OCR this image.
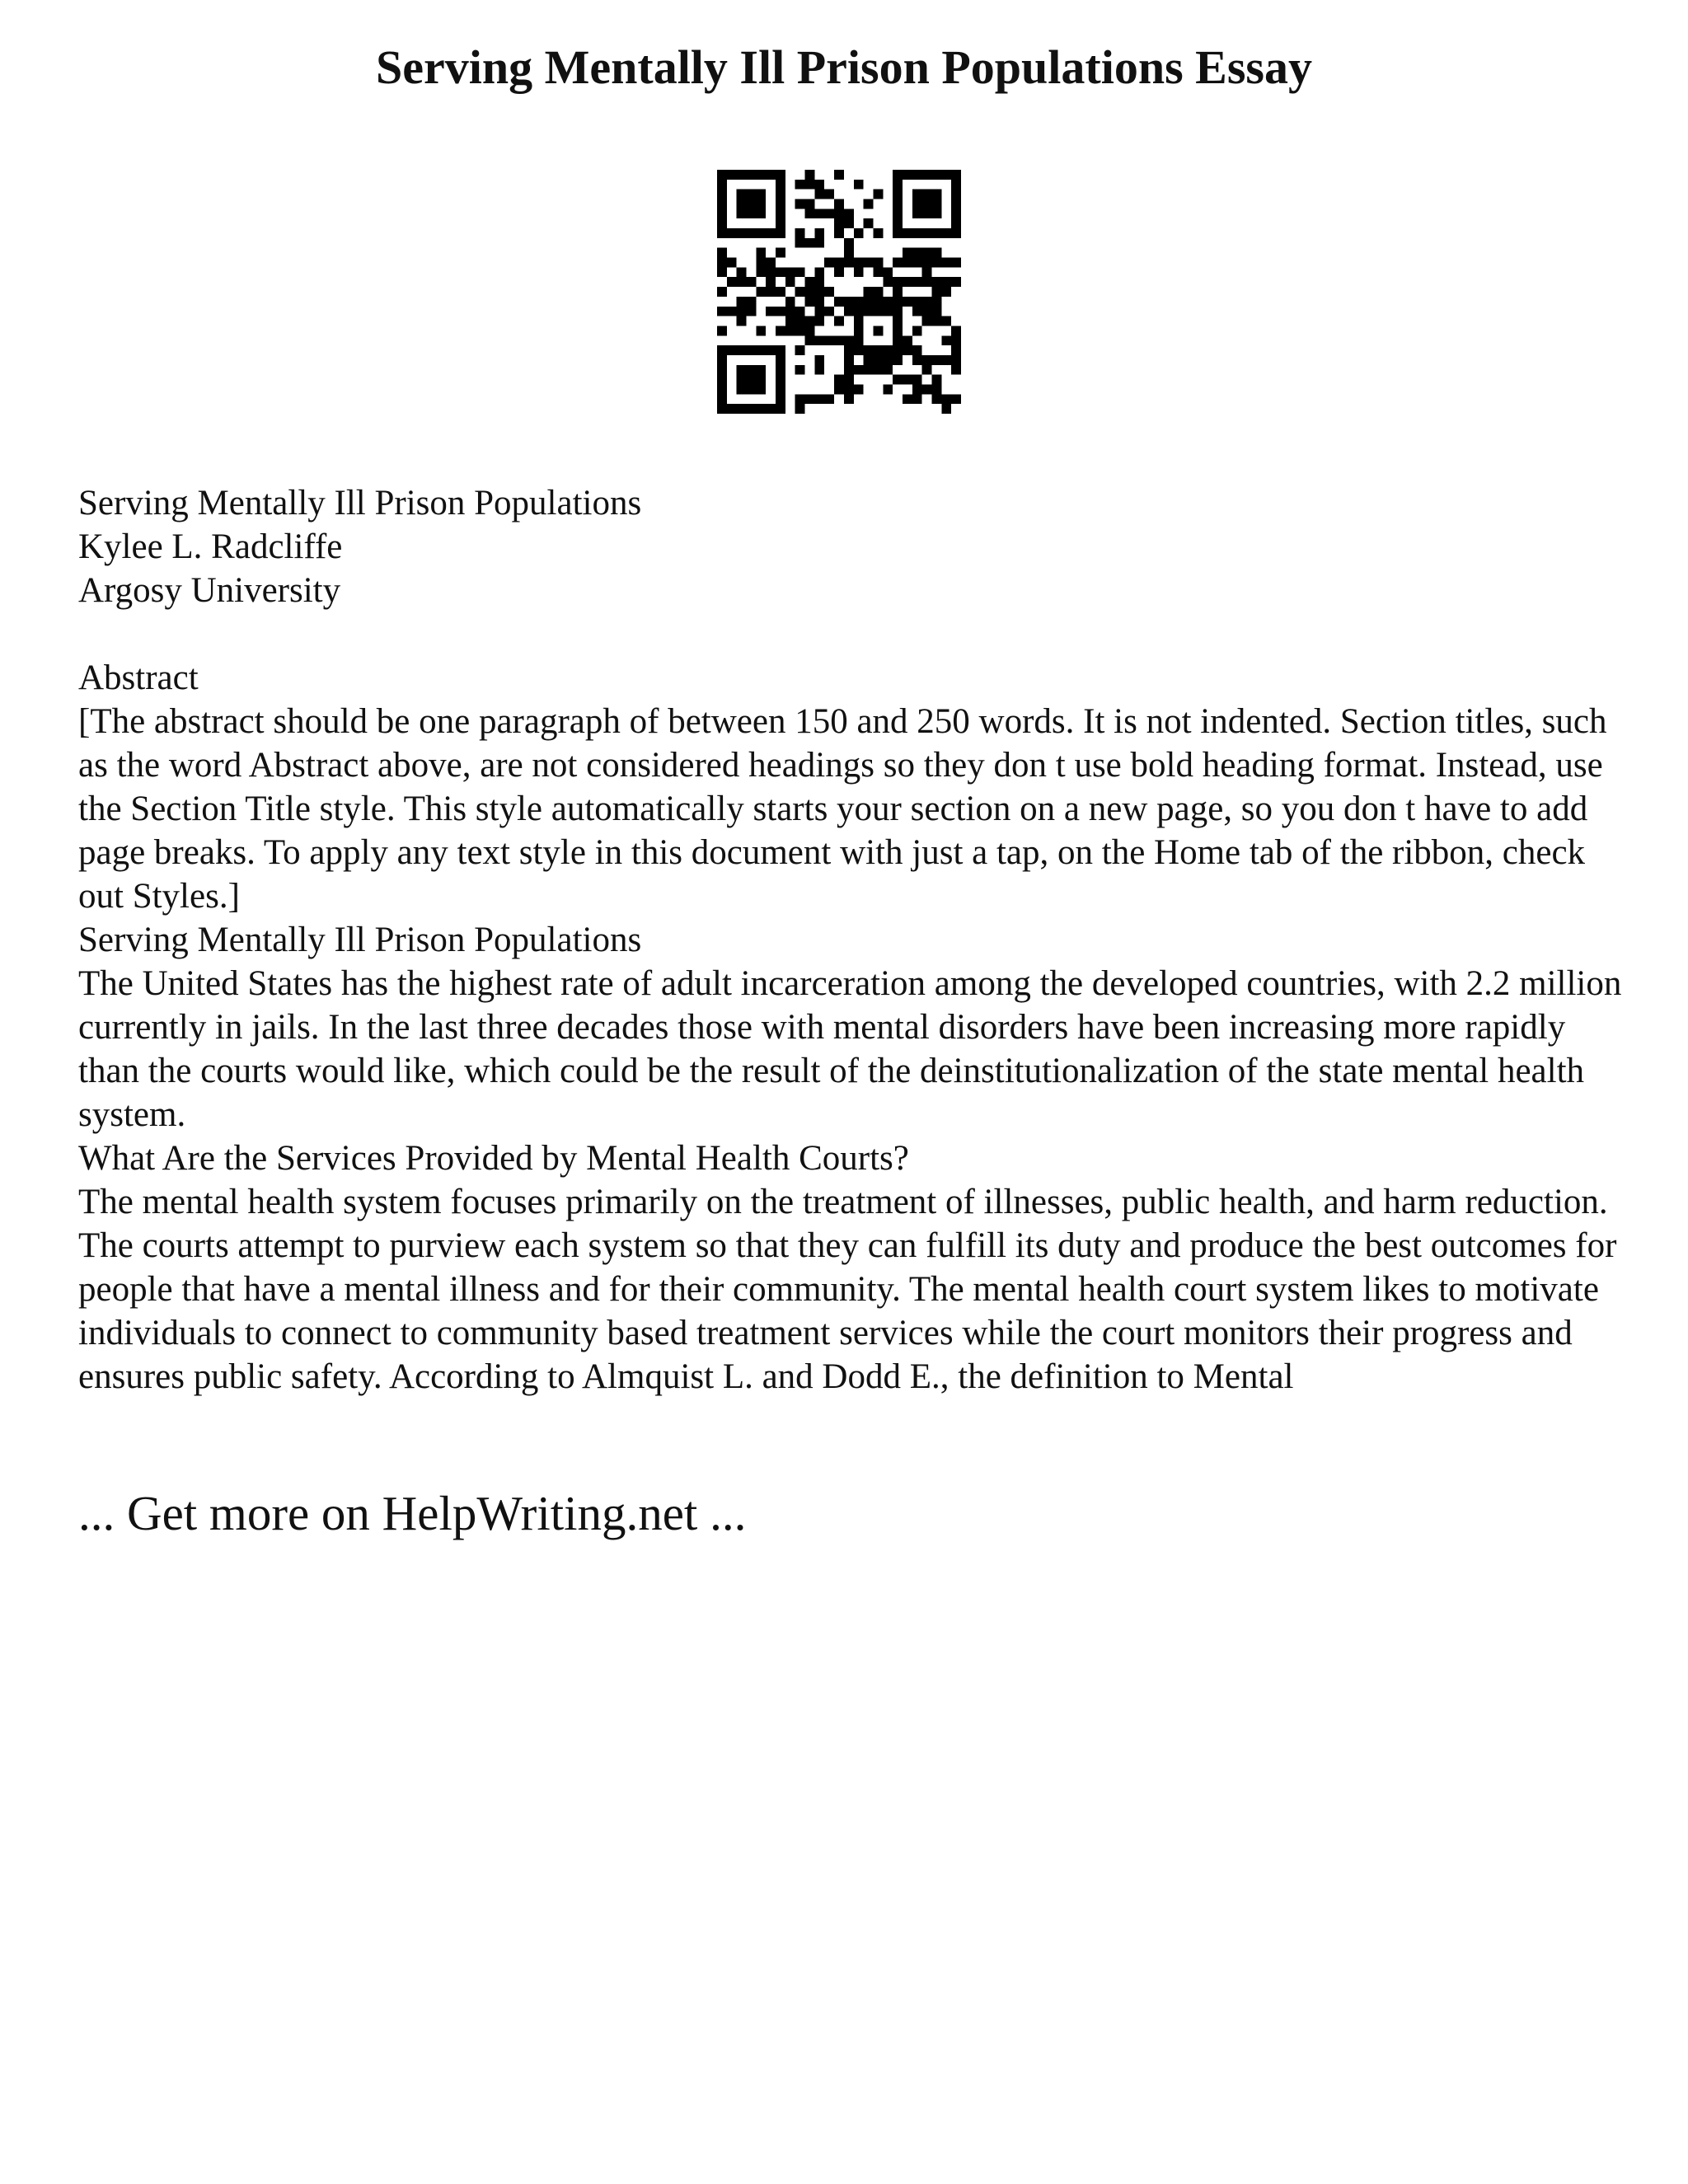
Serving Mentally Ill Prison Populations Essay

Serving Mentally Ill Prison Populations

Kylee L. Radcliffe

Argosy University

Abstract

[The abstract should be one paragraph of between 150 and 250 words. It is not indented. Section titles, such as the word Abstract above, are not considered headings so they don t use bold heading format. Instead, use the Section Title style. This style automatically starts your section on a new page, so you don t have to add page breaks. To apply any text style in this document with just a tap, on the Home tab of the ribbon, check out Styles.]

Serving Mentally Ill Prison Populations

The United States has the highest rate of adult incarceration among the developed countries, with 2.2 million currently in jails. In the last three decades those with mental disorders have been increasing more rapidly than the courts would like, which could be the result of the deinstitutionalization of the state mental health system.

What Are the Services Provided by Mental Health Courts?

The mental health system focuses primarily on the treatment of illnesses, public health, and harm reduction. The courts attempt to purview each system so that they can fulfill its duty and produce the best outcomes for people that have a mental illness and for their community. The mental health court system likes to motivate individuals to connect to community based treatment services while the court monitors their progress and ensures public safety. According to Almquist L. and Dodd E., the definition to Mental

... Get more on HelpWriting.net ...
